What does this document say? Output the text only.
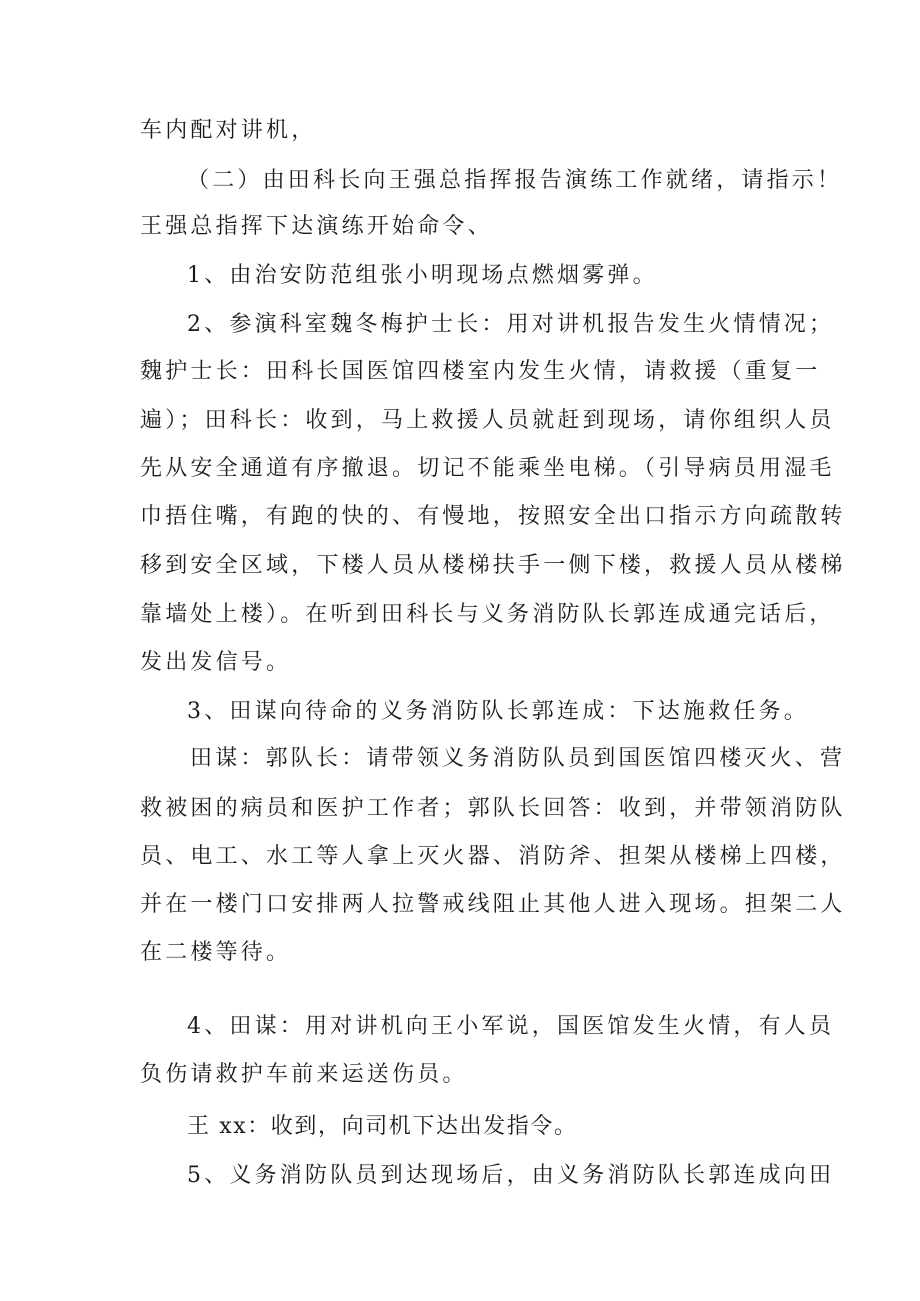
车内配对讲机，
（二）由田科长向王强总指挥报告演练工作就绪，请指示！
王强总指挥下达演练开始命令、
1、由治安防范组张小明现场点燃烟雾弹。
2、参演科室魏冬梅护士长：用对讲机报告发生火情情况；
魏护士长：田科长国医馆四楼室内发生火情，请救援（重复一
遍）；田科长：收到，马上救援人员就赶到现场，请你组织人员
先从安全通道有序撤退。切记不能乘坐电梯。（引导病员用湿毛
巾捂住嘴，有跑的快的、有慢地，按照安全出口指示方向疏散转
移到安全区域，下楼人员从楼梯扶手一侧下楼，救援人员从楼梯
靠墙处上楼）。在听到田科长与义务消防队长郭连成通完话后，
发出发信号。
3、田谋向待命的义务消防队长郭连成：下达施救任务。
田谋：郭队长：请带领义务消防队员到国医馆四楼灭火、营
救被困的病员和医护工作者；郭队长回答：收到，并带领消防队
员、电工、水工等人拿上灭火器、消防斧、担架从楼梯上四楼，
并在一楼门口安排两人拉警戒线阻止其他人进入现场。担架二人
在二楼等待。
4、田谋：用对讲机向王小军说，国医馆发生火情，有人员
负伤请救护车前来运送伤员。
王 xx：收到，向司机下达出发指令。
5、义务消防队员到达现场后，由义务消防队长郭连成向田
